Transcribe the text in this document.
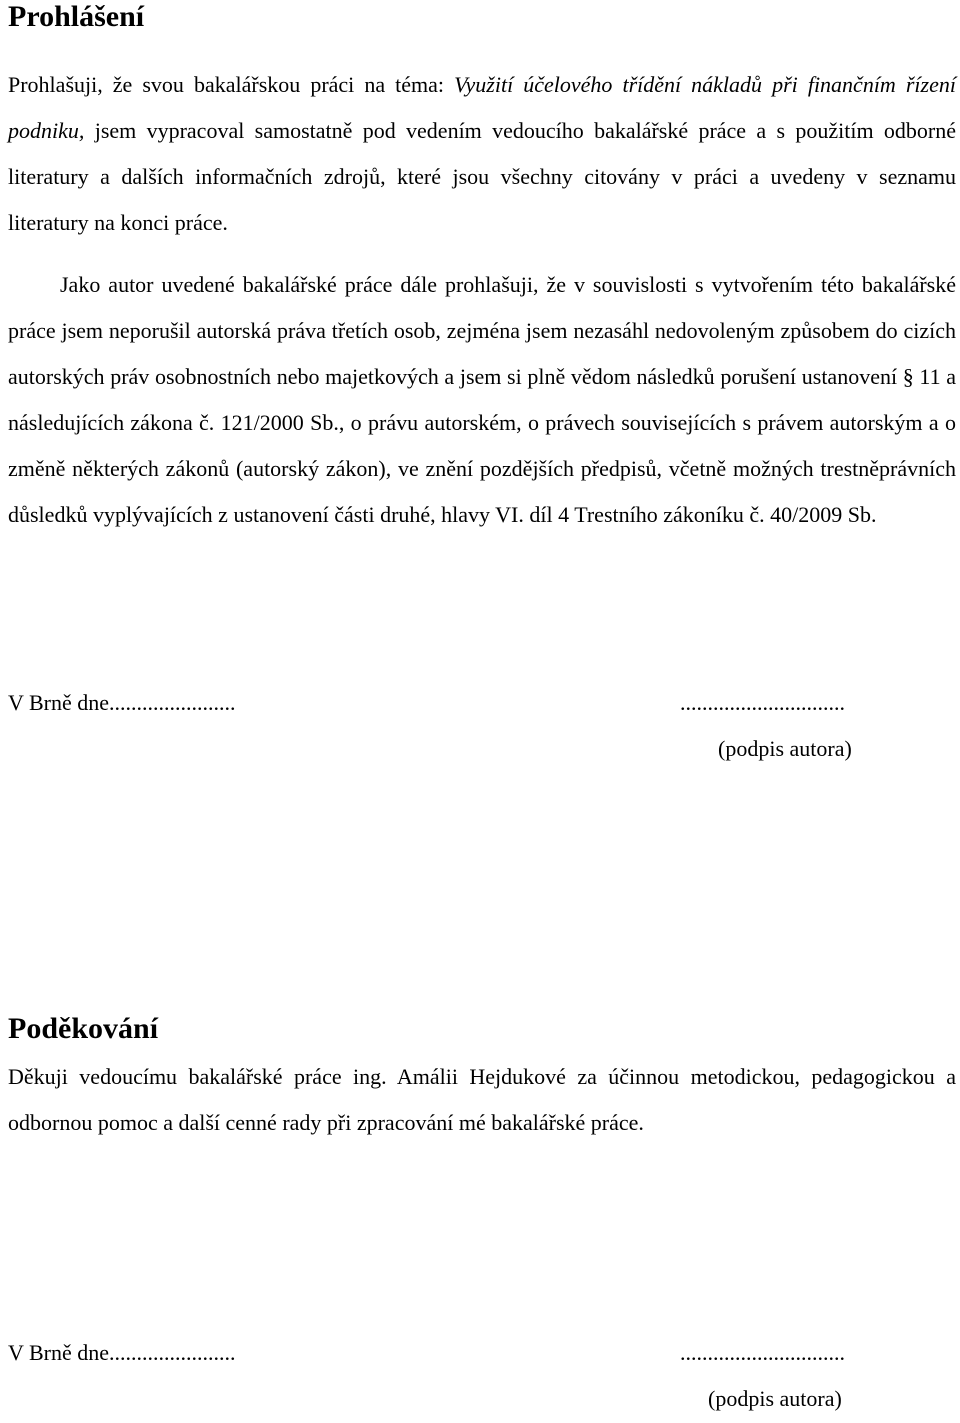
Prohlášení

Prohlašuji, že svou bakalářskou práci na téma: Využití účelového třídění nákladů při finančním řízení podniku, jsem vypracoval samostatně pod vedením vedoucího bakalářské práce a s použitím odborné literatury a dalších informačních zdrojů, které jsou všechny citovány v práci a uvedeny v seznamu literatury na konci práce.

Jako autor uvedené bakalářské práce dále prohlašuji, že v souvislosti s vytvořením této bakalářské práce jsem neporušil autorská práva třetích osob, zejména jsem nezasáhl nedovoleným způsobem do cizích autorských práv osobnostních nebo majetkových a jsem si plně vědom následků porušení ustanovení § 11 a následujících zákona č. 121/2000 Sb., o právu autorském, o právech souvisejících s právem autorským a o změně některých zákonů (autorský zákon), ve znění pozdějších předpisů, včetně možných trestněprávních důsledků vyplývajících z ustanovení části druhé, hlavy VI. díl 4 Trestního zákoníku č. 40/2009 Sb.

V Brně dne.......................	..............................
(podpis autora)
Poděkování

Děkuji vedoucímu bakalářské práce ing. Amálii Hejdukové za účinnou metodickou, pedagogickou a odbornou pomoc a další cenné rady při zpracování mé bakalářské práce.

V Brně dne.......................	..............................
(podpis autora)
